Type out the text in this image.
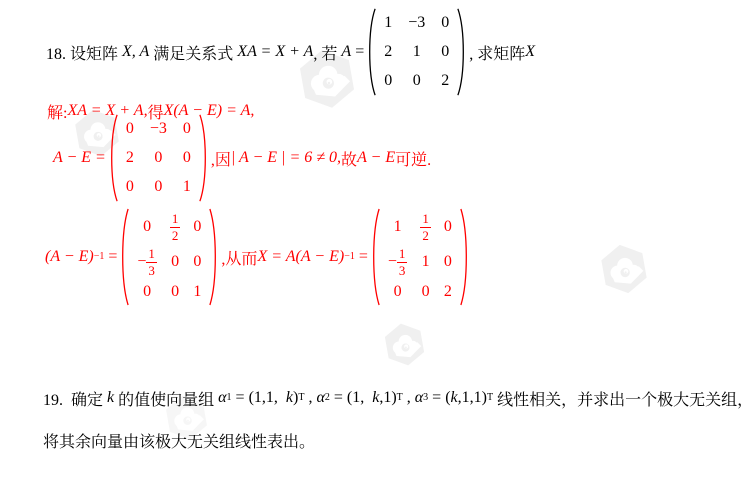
18. 设矩阵 X, A 满足关系式 XA = X + A , 若 A =
1 −3 0
2 1 0
0 0 2
, 求矩阵 X
解: XA = X + A, 得 X(A − E) = A,
A − E =
0 −3 0
2 0 0
0 0 1
,因 | A − E | = 6 ≠ 0, 故 A − E 可逆.
(A − E) −1 =
$0 \frac{1}{2} 0$
− $\frac{1}{3} 0$ 0
0 0 1
,从而 X = A(A − E) −1 =
$1 \frac{1}{2} 0$
− $\frac{1}{3} 1$ 0
0 0 2
19.  确定 k 的值使向量组 α 1 = (1,1, k ) T , α 2 = (1, k ,1) T , α 3 = ( k ,1,1) T 线性相关，并求出一个极大无关组，
将其余向量由该极大无关组线性表出。
